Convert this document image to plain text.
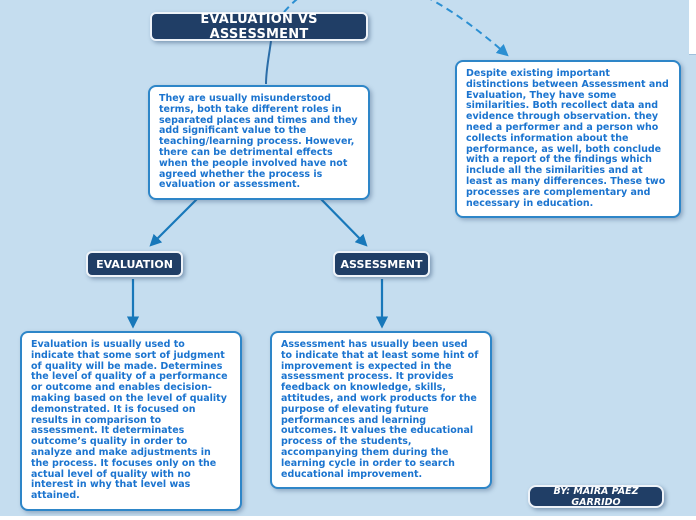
EVALUATION VS ASSESSMENT
They are usually misunderstood terms, both take different roles in separated places and times and they add significant value to the teaching/learning process. However, there can be detrimental effects when the people involved have not agreed whether the process is evaluation or assessment.
Despite existing important distinctions between Assessment and Evaluation, They have some similarities. Both recollect data and evidence through observation. they need a performer and a person who collects information about the performance, as well, both conclude with a report of the findings which include all the similarities and at least as many differences. These two processes are complementary and necessary in education.
EVALUATION	ASSESSMENT
Evaluation is usually used to indicate that some sort of judgment of quality will be made. Determines the level of quality of a performance or outcome and enables decision-making based on the level of quality demonstrated. It is focused on results in comparison to assessment. It determinates outcome’s quality in order to analyze and make adjustments in the process. It focuses only on the actual level of quality with no interest in why that level was attained.
Assessment has usually been used to indicate that at least some hint of improvement is expected in the assessment process. It provides feedback on knowledge, skills, attitudes, and work products for the purpose of elevating future performances and learning outcomes. It values the educational process of the students, accompanying them during the learning cycle in order to search educational improvement.
BY: MAIRA PÁEZ GARRIDO
